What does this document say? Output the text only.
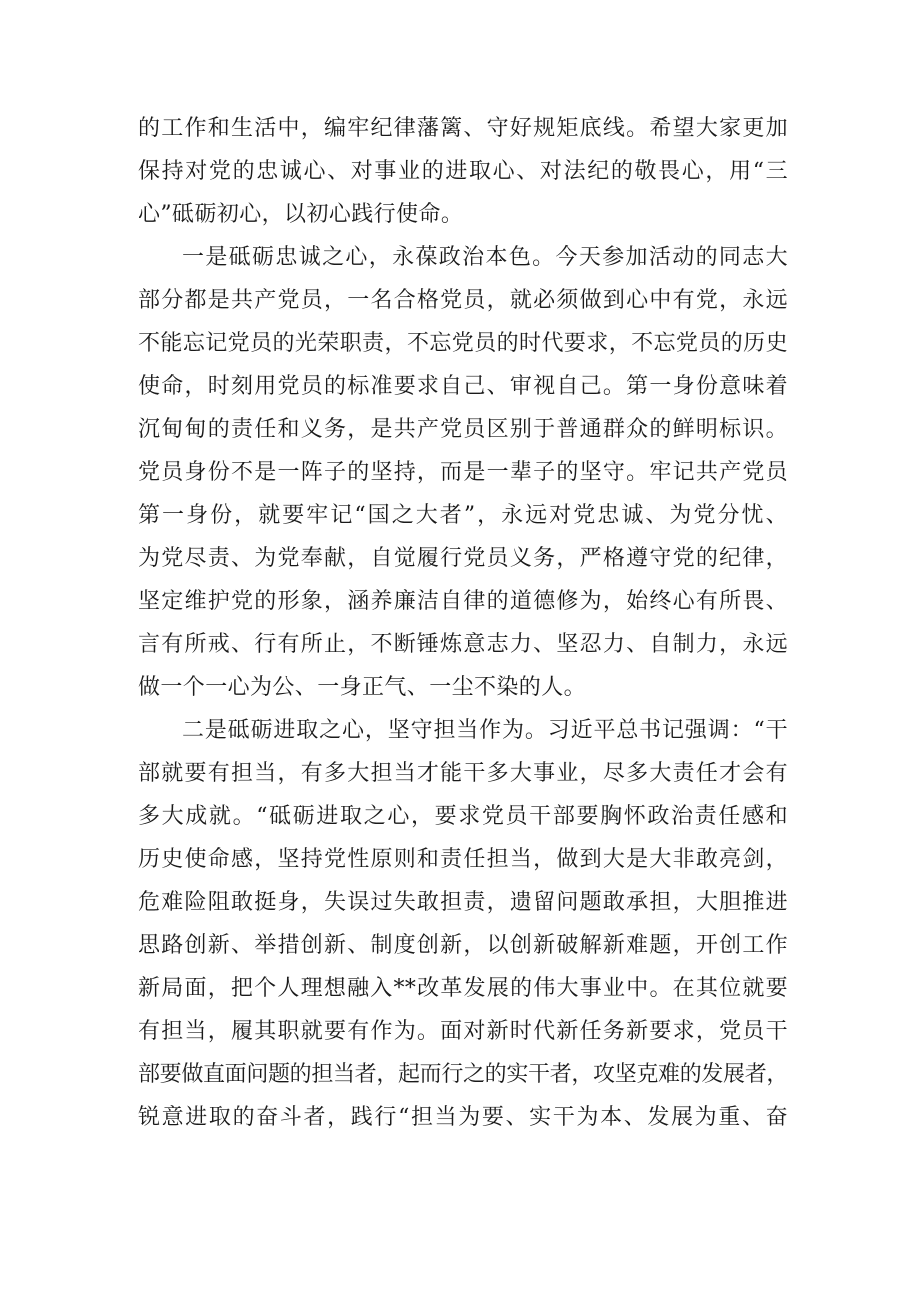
的工作和生活中，编牢纪律藩篱、守好规矩底线。希望大家更加
保持对党的忠诚心、对事业的进取心、对法纪的敬畏心，用“三
心”砥砺初心，以初心践行使命。
一是砥砺忠诚之心，永葆政治本色。今天参加活动的同志大
部分都是共产党员，一名合格党员，就必须做到心中有党，永远
不能忘记党员的光荣职责，不忘党员的时代要求，不忘党员的历史
使命，时刻用党员的标准要求自己、审视自己。第一身份意味着
沉甸甸的责任和义务，是共产党员区别于普通群众的鲜明标识。
党员身份不是一阵子的坚持，而是一辈子的坚守。牢记共产党员
第一身份，就要牢记“国之大者”，永远对党忠诚、为党分忧、
为党尽责、为党奉献，自觉履行党员义务，严格遵守党的纪律，
坚定维护党的形象，涵养廉洁自律的道德修为，始终心有所畏、
言有所戒、行有所止，不断锤炼意志力、坚忍力、自制力，永远
做一个一心为公、一身正气、一尘不染的人。
二是砥砺进取之心，坚守担当作为。习近平总书记强调：“干
部就要有担当，有多大担当才能干多大事业，尽多大责任才会有
多大成就。“砥砺进取之心，要求党员干部要胸怀政治责任感和
历史使命感，坚持党性原则和责任担当，做到大是大非敢亮剑，
危难险阻敢挺身，失误过失敢担责，遗留问题敢承担，大胆推进
思路创新、举措创新、制度创新，以创新破解新难题，开创工作
新局面，把个人理想融入**改革发展的伟大事业中。在其位就要
有担当，履其职就要有作为。面对新时代新任务新要求，党员干
部要做直面问题的担当者，起而行之的实干者，攻坚克难的发展者，
锐意进取的奋斗者，践行“担当为要、实干为本、发展为重、奋
